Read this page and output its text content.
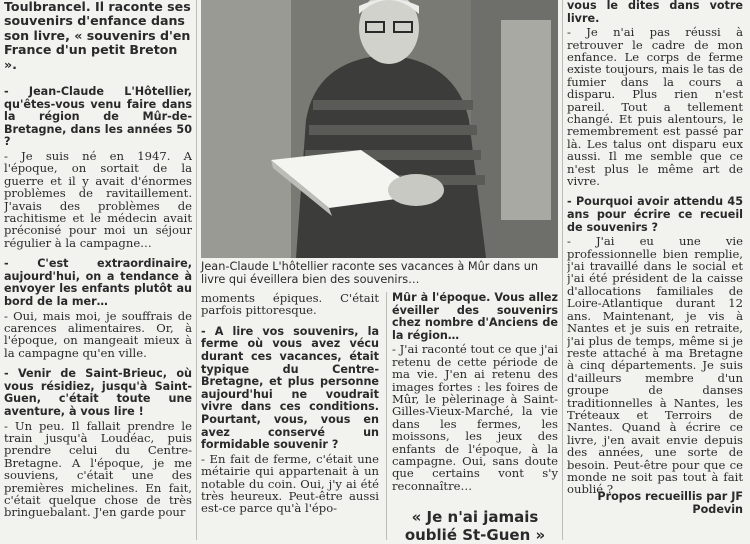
Toulbrancel. Il raconte ses souvenirs d'enfance dans son livre, « souvenirs d'en France d'un petit Breton ».

- Jean-Claude L'Hôtellier, qu'êtes-vous venu faire dans la région de Mûr-de-Bretagne, dans les années 50 ?

- Je suis né en 1947. A l'époque, on sortait de la guerre et il y avait d'énormes problèmes de ravitaillement. J'avais des problèmes de rachitisme et le médecin avait préconisé pour moi un séjour régulier à la campagne…

- C'est extraordinaire, aujourd'hui, on a tendance à envoyer les enfants plutôt au bord de la mer…

- Oui, mais moi, je souffrais de carences alimentaires. Or, à l'époque, on mangeait mieux à la campagne qu'en ville.

- Venir de Saint-Brieuc, où vous résidiez, jusqu'à Saint-Guen, c'était toute une aventure, à vous lire !

- Un peu. Il fallait prendre le train jusqu'à Loudéac, puis prendre celui du Centre-Bretagne. A l'époque, je me souviens, c'était une des premières michelines. En fait, c'était quelque chose de très bringuebalant. J'en garde pour

Jean-Claude L'hôtellier raconte ses vacances à Mûr dans un livre qui éveillera bien des souvenirs…

moments épiques. C'était parfois pittoresque.

- A lire vos souvenirs, la ferme où vous avez vécu durant ces vacances, était typique du Centre-Bretagne, et plus personne aujourd'hui ne voudrait vivre dans ces conditions. Pourtant, vous, vous en avez conservé un formidable souvenir ?

- En fait de ferme, c'était une métairie qui appartenait à un notable du coin. Oui, j'y ai été très heureux. Peut-être aussi est-ce parce qu'à l'épo-

Mûr à l'époque. Vous allez éveiller des souvenirs chez nombre d'Anciens de la région…

- J'ai raconté tout ce que j'ai retenu de cette période de ma vie. J'en ai retenu des images fortes : les foires de Mûr, le pèlerinage à Saint-Gilles-Vieux-Marché, la vie dans les fermes, les moissons, les jeux des enfants de l'époque, à la campagne. Oui, sans doute que certains vont s'y reconnaître…

« Je n'ai jamais oublié St-Guen »

vous le dites dans votre livre.

- Je n'ai pas réussi à retrouver le cadre de mon enfance. Le corps de ferme existe toujours, mais le tas de fumier dans la cours a disparu. Plus rien n'est pareil. Tout a tellement changé. Et puis alentours, le remembrement est passé par là. Les talus ont disparu eux aussi. Il me semble que ce n'est plus le même art de vivre.

- Pourquoi avoir attendu 45 ans pour écrire ce recueil de souvenirs ?

- J'ai eu une vie professionnelle bien remplie, j'ai travaillé dans le social et j'ai été président de la caisse d'allocations familiales de Loire-Atlantique durant 12 ans. Maintenant, je vis à Nantes et je suis en retraite, j'ai plus de temps, même si je reste attaché à ma Bretagne à cinq départements. Je suis d'ailleurs membre d'un groupe de danses traditionnelles à Nantes, les Tréteaux et Terroirs de Nantes. Quand à écrire ce livre, j'en avait envie depuis des années, une sorte de besoin. Peut-être pour que ce monde ne soit pas tout à fait oublié ?

Propos recueillis par JF Podevin
